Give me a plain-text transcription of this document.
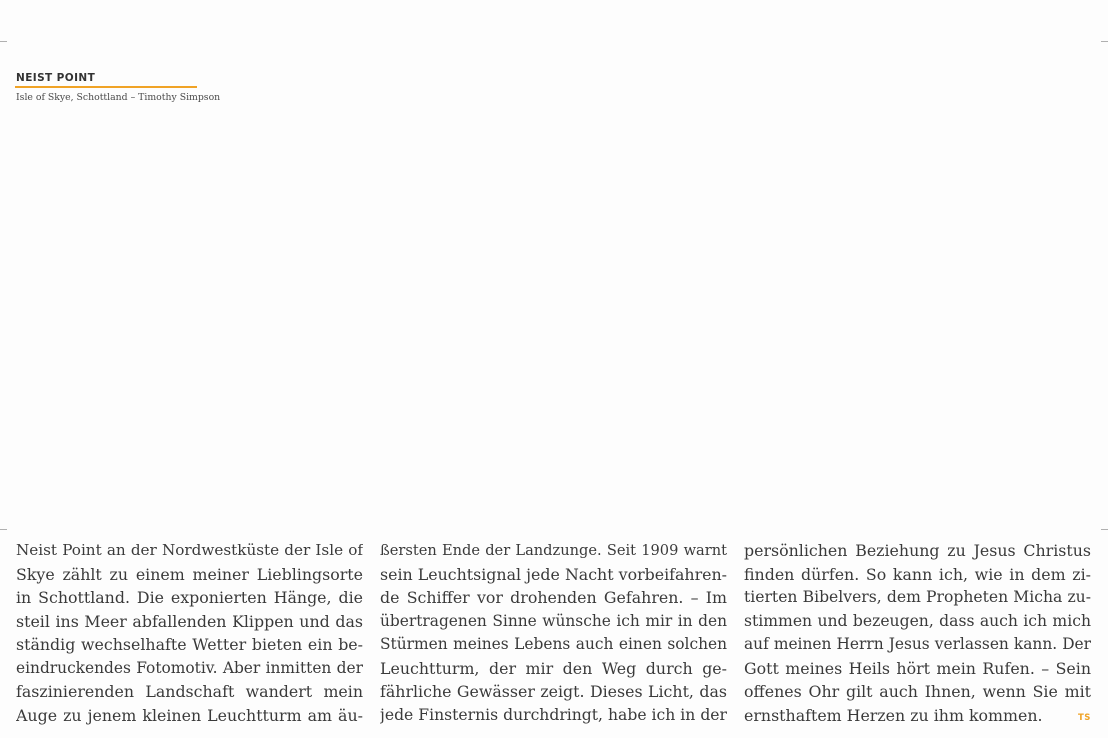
NEIST POINT
Isle of Skye, Schottland – Timothy Simpson
Neist Point an der Nordwestküste der Isle of
Skye zählt zu einem meiner Lieblingsorte
in Schottland. Die exponierten Hänge, die
steil ins Meer abfallenden Klippen und das
ständig wechselhafte Wetter bieten ein be-
eindruckendes Fotomotiv. Aber inmitten der
faszinierenden Landschaft wandert mein
Auge zu jenem kleinen Leuchtturm am äu-
ßersten Ende der Landzunge. Seit 1909 warnt
sein Leuchtsignal jede Nacht vorbeifahren-
de Schiffer vor drohenden Gefahren. – Im
übertragenen Sinne wünsche ich mir in den
Stürmen meines Lebens auch einen solchen
Leuchtturm, der mir den Weg durch ge-
fährliche Gewässer zeigt. Dieses Licht, das
jede Finsternis durchdringt, habe ich in der
persönlichen Beziehung zu Jesus Christus
finden dürfen. So kann ich, wie in dem zi-
tierten Bibelvers, dem Propheten Micha zu-
stimmen und bezeugen, dass auch ich mich
auf meinen Herrn Jesus verlassen kann. Der
Gott meines Heils hört mein Rufen. – Sein
offenes Ohr gilt auch Ihnen, wenn Sie mit
ernsthaftem Herzen zu ihm kommen.	TS
